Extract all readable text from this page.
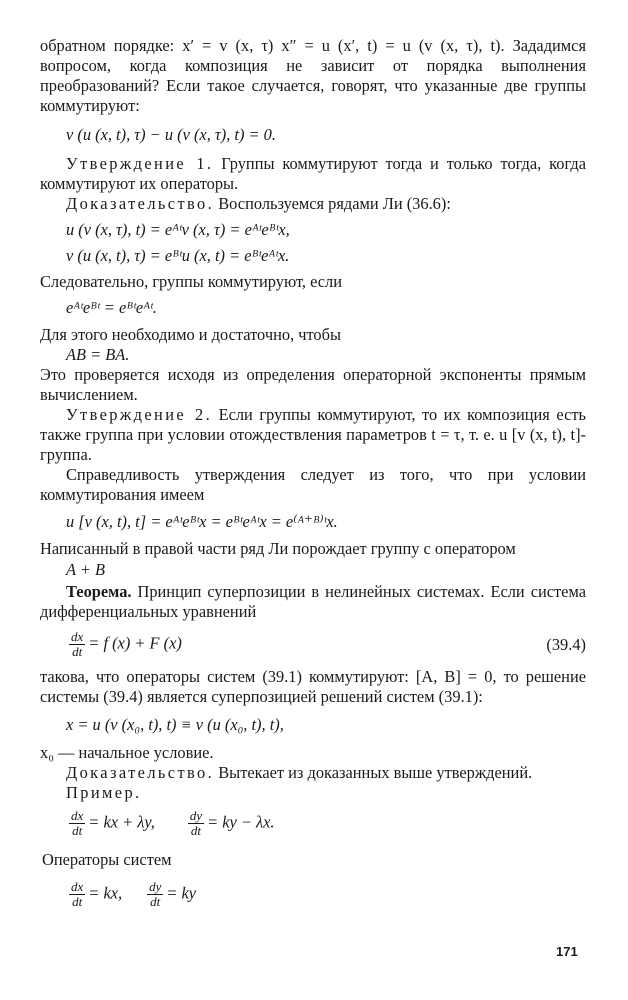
обратном порядке: x′ = v (x, τ) x″ = u (x′, t) = u (v (x, τ), t). Зададимся вопросом, когда композиция не зависит от порядка выполнения преобразований? Если такое случается, говорят, что указанные две группы коммутируют:

v (u (x, t), τ) − u (v (x, τ), t) = 0.

Утверждение 1. Группы коммутируют тогда и только тогда, когда коммутируют их операторы.

Доказательство. Воспользуемся рядами Ли (36.6):

u (v (x, τ), t) = eᴬᵗv (x, τ) = eᴬᵗeᴮᵗx,

v (u (x, t), τ) = eᴮᵗu (x, t) = eᴮᵗeᴬᵗx.

Следовательно, группы коммутируют, если

eᴬᵗeᴮᵗ = eᴮᵗeᴬᵗ.

Для этого необходимо и достаточно, чтобы

AB = BA.

Это проверяется исходя из определения операторной экспоненты прямым вычислением.

Утверждение 2. Если группы коммутируют, то их композиция есть также группа при условии отождествления параметров t = τ, т. е. u [v (x, t), t]-группа.

Справедливость утверждения следует из того, что при условии коммутирования имеем

u [v (x, t), t] = eᴬᵗeᴮᵗx = eᴮᵗeᴬᵗx = e⁽ᴬ⁺ᴮ⁾ᵗx.

Написанный в правой части ряд Ли порождает группу с оператором

A + B

Теорема. Принцип суперпозиции в нелинейных системах. Если система дифференциальных уравнений

$\frac{dx}{dt} = f$ (x) + F (x)	(39.4)

такова, что операторы систем (39.1) коммутируют: [A, B] = 0, то решение системы (39.4) является суперпозицией решений систем (39.1):

x = u (v (x₀, t), t) ≡ v (u (x₀, t), t),

x₀ — начальное условие.

Доказательство. Вытекает из доказанных выше утверждений.

Пример.

$\frac{dx}{dt}$ = kx + λy,	$\frac{dy}{dt}$ = ky − λx.

Операторы систем

$\frac{dx}{dt}$ = kx, $\frac{dy}{dt}$ = ky

171
